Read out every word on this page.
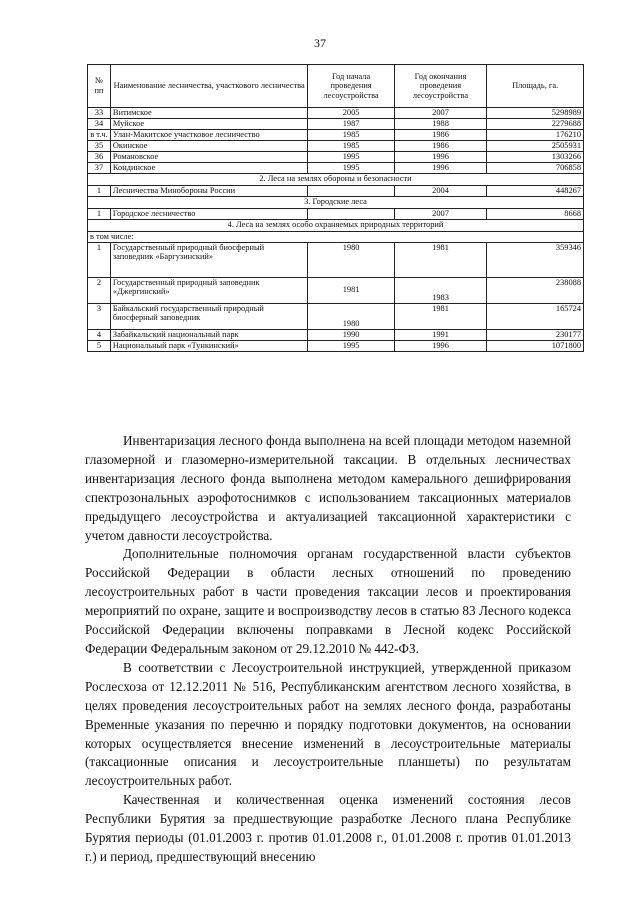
37
№ пп	Наименование лесничества, участкового лесничества	Год начала проведения лесоустройства	Год окончания проведения лесоустройства	Площадь, га.
33	Витимское	2005	2007	5298989
34	Муйское	1987	1988	2279688
в т.ч.	Улан-Макитское участковое лесничество	1985	1986	176210
35	Окинское	1985	1986	2505931
36	Романовское	1995	1996	1303266
37	Кондинское	1995	1996	706858
2. Леса на землях обороны и безопасности				
1	Лесничества Минобороны России		2004	448267
3. Городские леса				
1	Городское лесничество		2007	8668
4. Леса на землях особо охраняемых природных территорий				
в том числе:				
1	Государственный природный биосферный заповедник «Баргузинский»	1980	1981	359346
2	Государственный природный заповедник «Джергинский»	1981	1983	238088
3	Байкальский государственный природный биосферный заповедник	1980	1981	165724
4	Забайкальский национальный парк	1990	1991	230177
5	Национальный парк «Тункинский»	1995	1996	1071800

Инвентаризация лесного фонда выполнена на всей площади методом наземной глазомерной и глазомерно-измерительной таксации. В отдельных лесничествах инвентаризация лесного фонда выполнена методом камерального дешифрирования спектрозональных аэрофотоснимков с использованием таксационных материалов предыдущего лесоустройства и актуализацией таксационной характеристики с учетом давности лесоустройства.

Дополнительные полномочия органам государственной власти субъектов Российской Федерации в области лесных отношений по проведению лесоустроительных работ в части проведения таксации лесов и проектирования мероприятий по охране, защите и воспроизводству лесов в статью 83 Лесного кодекса Российской Федерации включены поправками в Лесной кодекс Российской Федерации Федеральным законом от 29.12.2010 № 442-ФЗ.

В соответствии с Лесоустроительной инструкцией, утвержденной приказом Рослесхоза от 12.12.2011 № 516, Республиканским агентством лесного хозяйства, в целях проведения лесоустроительных работ на землях лесного фонда, разработаны Временные указания по перечню и порядку подготовки документов, на основании которых осуществляется внесение изменений в лесоустроительные материалы (таксационные описания и лесоустроительные планшеты) по результатам лесоустроительных работ.

Качественная и количественная оценка изменений состояния лесов Республики Бурятия за предшествующие разработке Лесного плана Республике Бурятия периоды (01.01.2003 г. против 01.01.2008 г., 01.01.2008 г. против 01.01.2013 г.) и период, предшествующий внесению
